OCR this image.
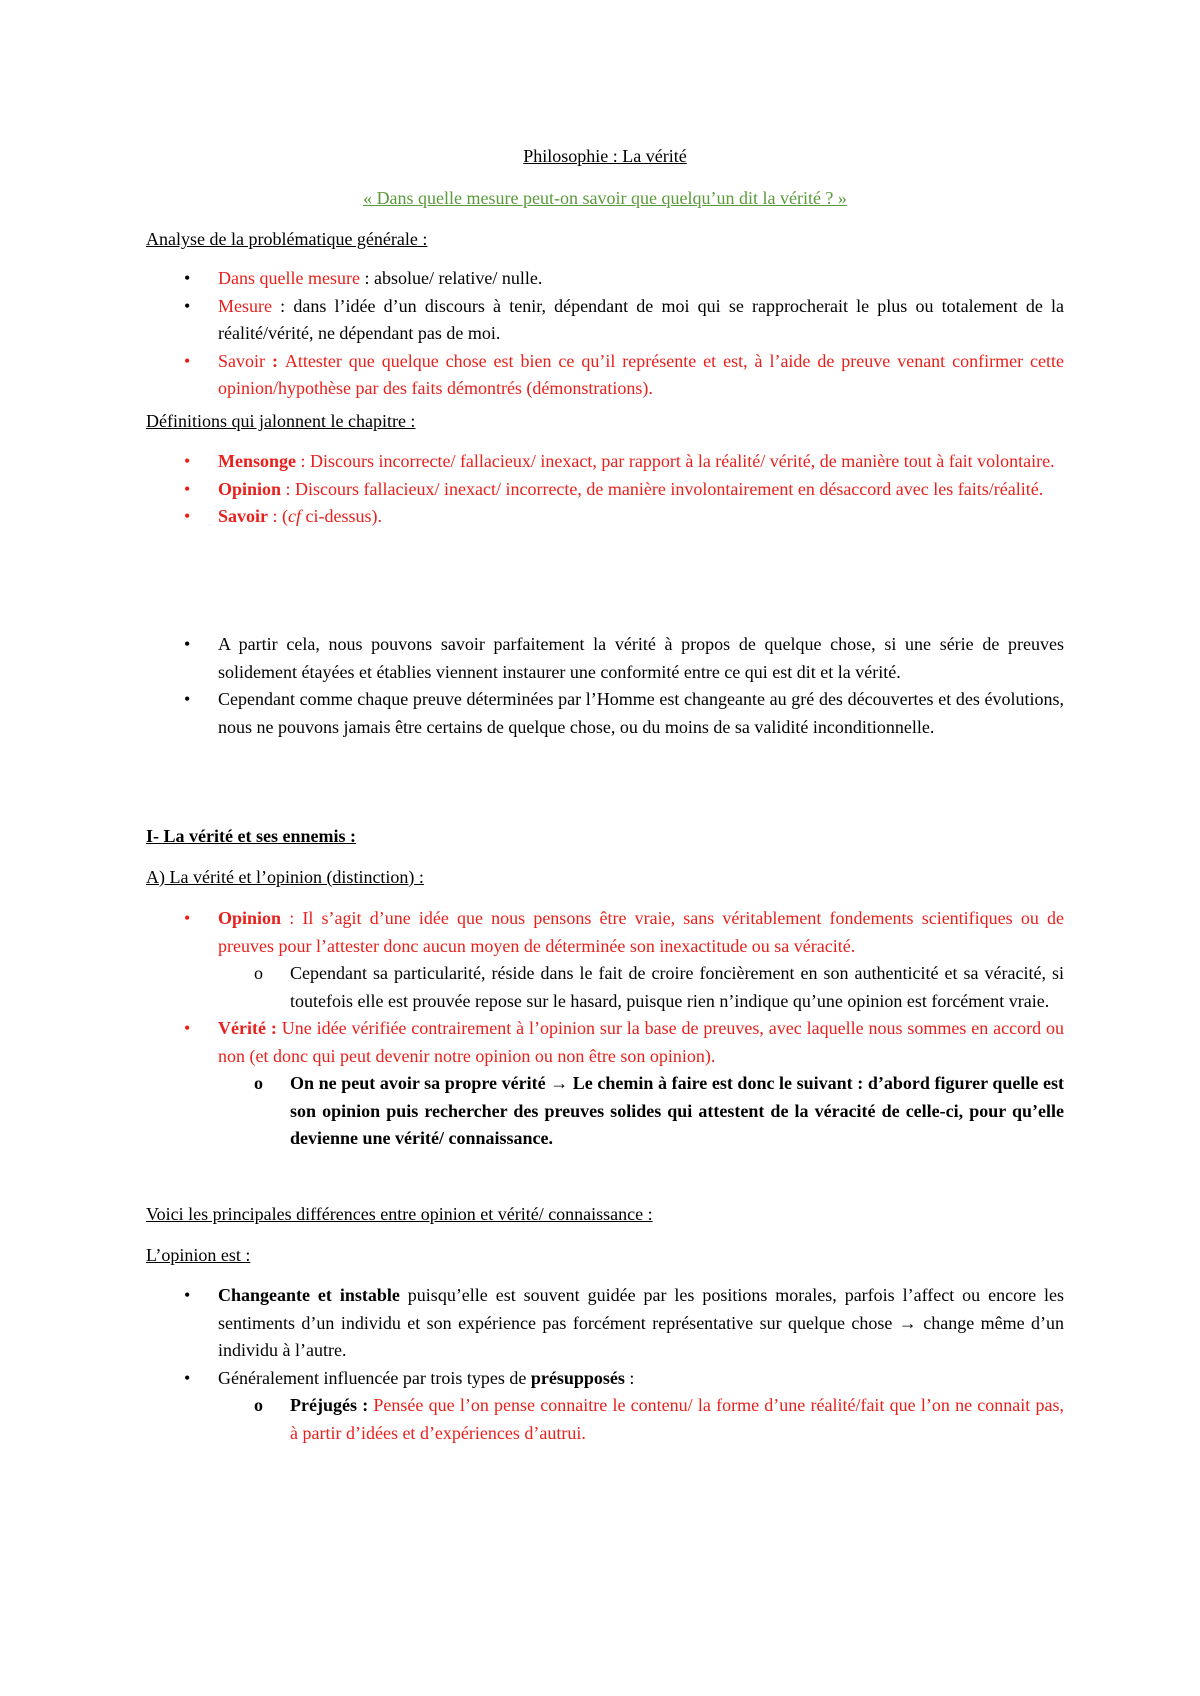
Philosophie : La vérité

« Dans quelle mesure peut-on savoir que quelqu’un dit la vérité ? »

Analyse de la problématique générale :

• Dans quelle mesure : absolue/ relative/ nulle.
• Mesure : dans l’idée d’un discours à tenir, dépendant de moi qui se rapprocherait le plus ou totalement de la réalité/vérité, ne dépendant pas de moi.
• Savoir : Attester que quelque chose est bien ce qu’il représente et est, à l’aide de preuve venant confirmer cette opinion/hypothèse par des faits démontrés (démonstrations).

Définitions qui jalonnent le chapitre :

• Mensonge : Discours incorrecte/ fallacieux/ inexact, par rapport à la réalité/ vérité, de manière tout à fait volontaire.
• Opinion : Discours fallacieux/ inexact/ incorrecte, de manière involontairement en désaccord avec les faits/réalité.
• Savoir : (cf ci-dessus).
• A partir cela, nous pouvons savoir parfaitement la vérité à propos de quelque chose, si une série de preuves solidement étayées et établies viennent instaurer une conformité entre ce qui est dit et la vérité.
• Cependant comme chaque preuve déterminées par l’Homme est changeante au gré des découvertes et des évolutions, nous ne pouvons jamais être certains de quelque chose, ou du moins de sa validité inconditionnelle.

I- La vérité et ses ennemis :

A) La vérité et l’opinion (distinction) :

• Opinion : Il s’agit d’une idée que nous pensons être vraie, sans véritablement fondements scientifiques ou de preuves pour l’attester donc aucun moyen de déterminée son inexactitude ou sa véracité.
o Cependant sa particularité, réside dans le fait de croire foncièrement en son authenticité et sa véracité, si toutefois elle est prouvée repose sur le hasard, puisque rien n’indique qu’une opinion est forcément vraie.
• Vérité : Une idée vérifiée contrairement à l’opinion sur la base de preuves, avec laquelle nous sommes en accord ou non (et donc qui peut devenir notre opinion ou non être son opinion).
o On ne peut avoir sa propre vérité → Le chemin à faire est donc le suivant : d’abord figurer quelle est son opinion puis rechercher des preuves solides qui attestent de la véracité de celle-ci, pour qu’elle devienne une vérité/ connaissance.

Voici les principales différences entre opinion et vérité/ connaissance :

L’opinion est :

• Changeante et instable puisqu’elle est souvent guidée par les positions morales, parfois l’affect ou encore les sentiments d’un individu et son expérience pas forcément représentative sur quelque chose → change même d’un individu à l’autre.
• Généralement influencée par trois types de présupposés :
o Préjugés : Pensée que l’on pense connaitre le contenu/ la forme d’une réalité/fait que l’on ne connait pas, à partir d’idées et d’expériences d’autrui.
